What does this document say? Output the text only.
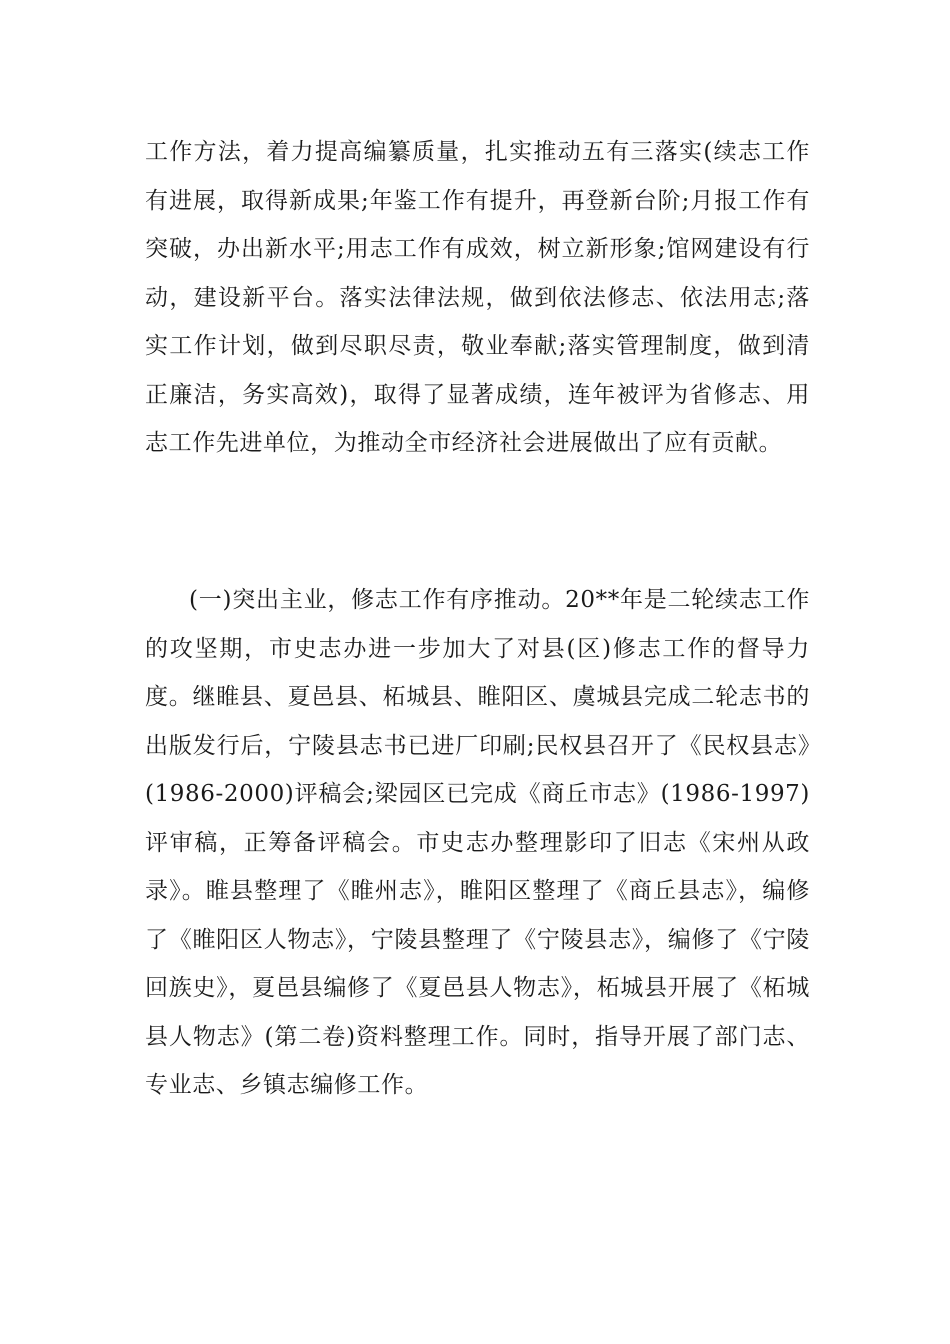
工作方法，着力提高编纂质量，扎实推动五有三落实(续志工作有进展，取得新成果;年鉴工作有提升，再登新台阶;月报工作有突破，办出新水平;用志工作有成效，树立新形象;馆网建设有行动，建设新平台。落实法律法规，做到依法修志、依法用志;落实工作计划，做到尽职尽责，敬业奉献;落实管理制度，做到清正廉洁，务实高效)，取得了显著成绩，连年被评为省修志、用志工作先进单位，为推动全市经济社会进展做出了应有贡献。

(一)突出主业，修志工作有序推动。20**年是二轮续志工作的攻坚期，市史志办进一步加大了对县(区)修志工作的督导力度。继睢县、夏邑县、柘城县、睢阳区、虞城县完成二轮志书的出版发行后，宁陵县志书已进厂印刷;民权县召开了《民权县志》(1986-2000)评稿会;梁园区已完成《商丘市志》(1986-1997)评审稿，正筹备评稿会。市史志办整理影印了旧志《宋州从政录》。睢县整理了《睢州志》，睢阳区整理了《商丘县志》，编修了《睢阳区人物志》，宁陵县整理了《宁陵县志》，编修了《宁陵回族史》，夏邑县编修了《夏邑县人物志》，柘城县开展了《柘城县人物志》(第二卷)资料整理工作。同时，指导开展了部门志、专业志、乡镇志编修工作。
